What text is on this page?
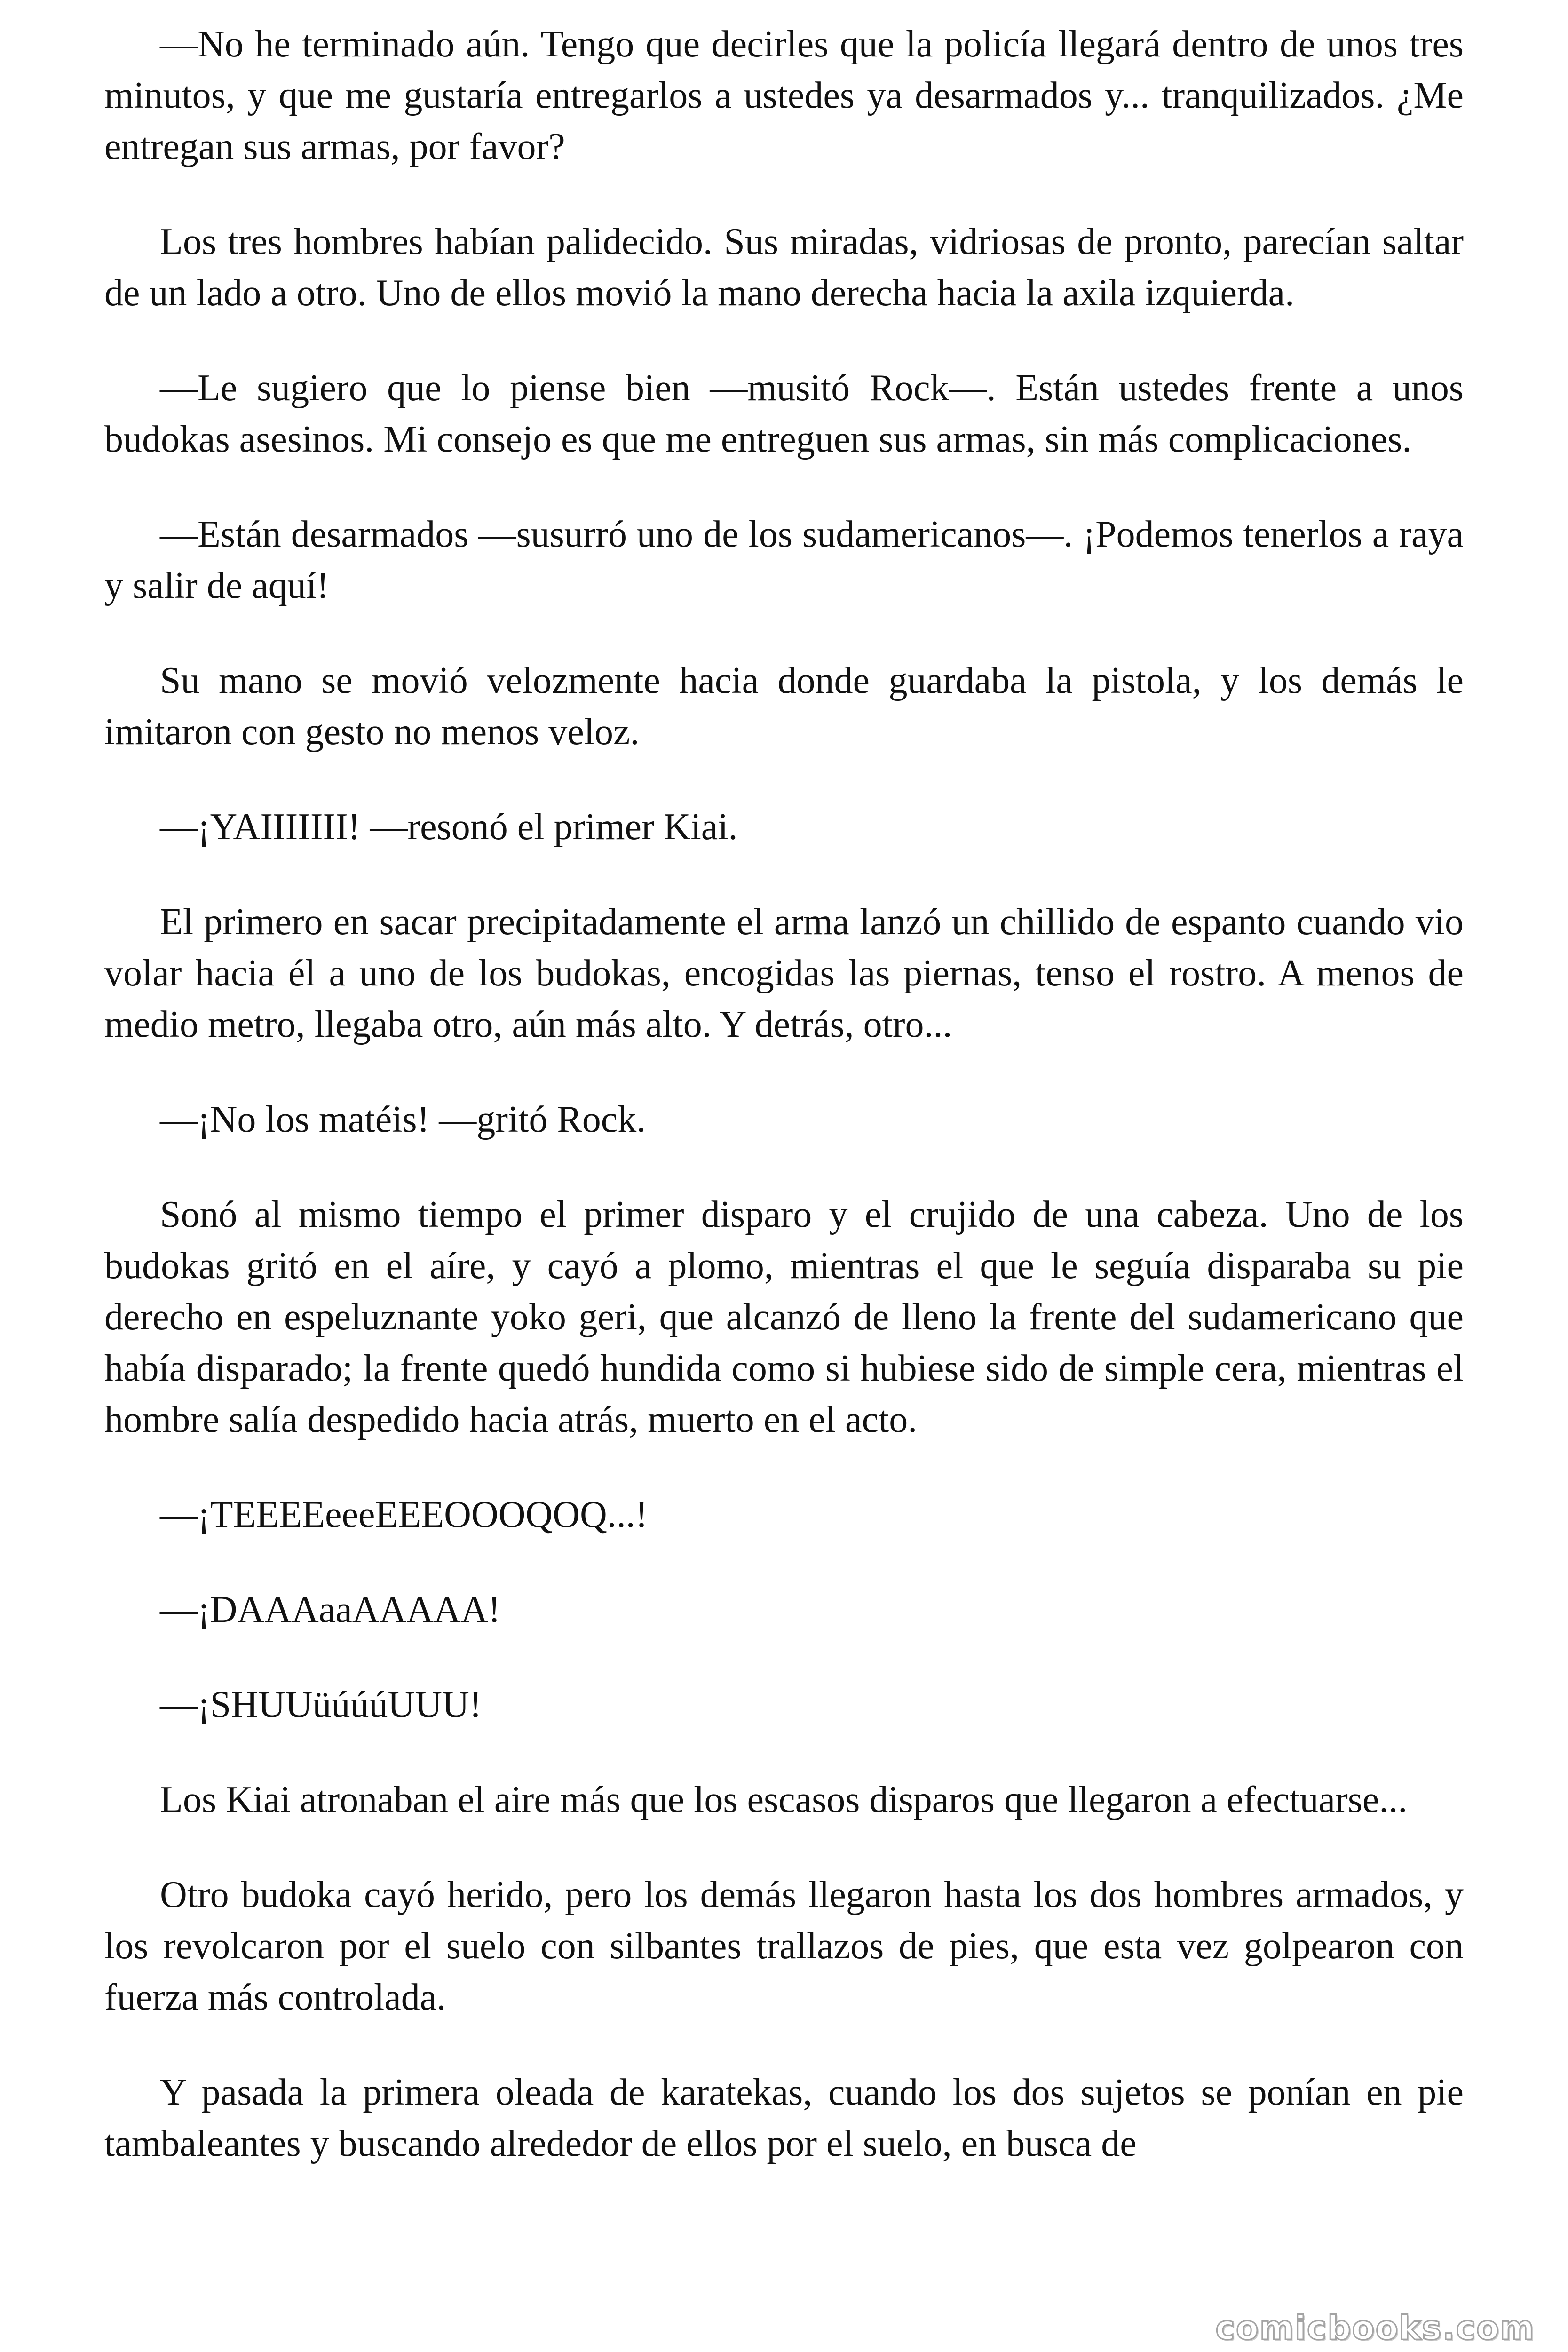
—No he terminado aún. Tengo que decirles que la policía llegará dentro de unos tres minutos, y que me gustaría entregarlos a ustedes ya desarmados y... tranquilizados. ¿Me entregan sus armas, por favor?

Los tres hombres habían palidecido. Sus miradas, vidriosas de pronto, parecían saltar de un lado a otro. Uno de ellos movió la mano derecha hacia la axila izquierda.

—Le sugiero que lo piense bien —musitó Rock—. Están ustedes frente a unos budokas asesinos. Mi consejo es que me entreguen sus armas, sin más complicaciones.

—Están desarmados —susurró uno de los sudamericanos—. ¡Podemos tenerlos a raya y salir de aquí!

Su mano se movió velozmente hacia donde guardaba la pistola, y los demás le imitaron con gesto no menos veloz.

—¡YAIIIIIII! —resonó el primer Kiai.

El primero en sacar precipitadamente el arma lanzó un chillido de espanto cuando vio volar hacia él a uno de los budokas, encogidas las piernas, tenso el rostro. A menos de medio metro, llegaba otro, aún más alto. Y detrás, otro...

—¡No los matéis! —gritó Rock.

Sonó al mismo tiempo el primer disparo y el crujido de una cabeza. Uno de los budokas gritó en el aíre, y cayó a plomo, mientras el que le seguía disparaba su pie derecho en espeluznante yoko geri, que alcanzó de lleno la frente del sudamericano que había disparado; la frente quedó hundida como si hubiese sido de simple cera, mientras el hombre salía despedido hacia atrás, muerto en el acto.

—¡TEEEEeeeEEEOOOQOQ...!

—¡DAAAaaAAAAA!

—¡SHUUüúúúUUU!

Los Kiai atronaban el aire más que los escasos disparos que llegaron a efectuarse...

Otro budoka cayó herido, pero los demás llegaron hasta los dos hombres armados, y los revolcaron por el suelo con silbantes trallazos de pies, que esta vez golpearon con fuerza más controlada.

Y pasada la primera oleada de karatekas, cuando los dos sujetos se ponían en pie tambaleantes y buscando alrededor de ellos por el suelo, en busca de

comicbooks.com
